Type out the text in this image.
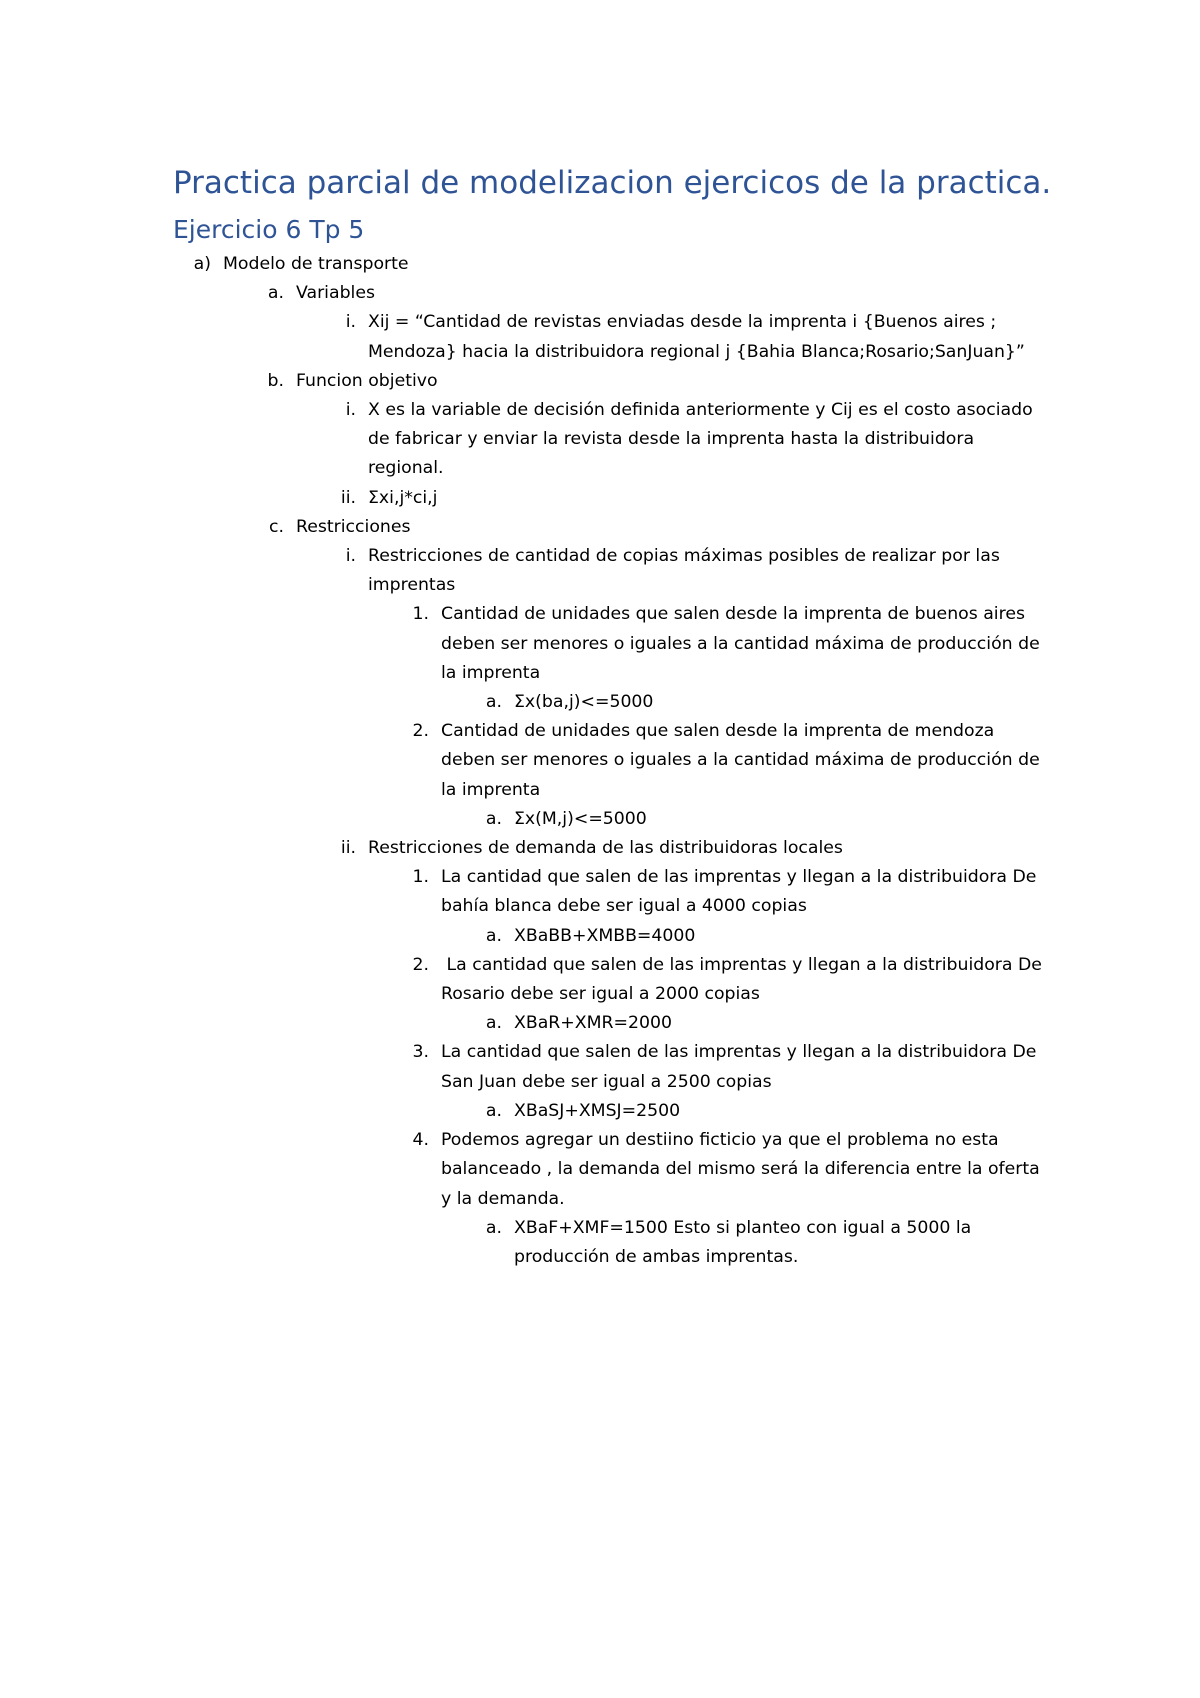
Practica parcial de modelizacion ejercicos de la practica.
Ejercicio 6 Tp 5
a) Modelo de transporte
a. Variables
i. Xij = “Cantidad de revistas enviadas desde la imprenta i {Buenos aires ; Mendoza} hacia la distribuidora regional j {Bahia Blanca;Rosario;SanJuan}”
b. Funcion objetivo
i. X es la variable de decisión definida anteriormente y Cij es el costo asociado de fabricar y enviar la revista desde la imprenta hasta la distribuidora regional.
ii. Σxi,j*ci,j
c. Restricciones
i. Restricciones de cantidad de copias máximas posibles de realizar por las imprentas
1. Cantidad de unidades que salen desde la imprenta de buenos aires deben ser menores o iguales a la cantidad máxima de producción de la imprenta
a. Σx(ba,j)<=5000
2. Cantidad de unidades que salen desde la imprenta de mendoza deben ser menores o iguales a la cantidad máxima de producción de la imprenta
a. Σx(M,j)<=5000
ii. Restricciones de demanda de las distribuidoras locales
1. La cantidad que salen de las imprentas y llegan a la distribuidora De bahía blanca debe ser igual a 4000 copias
a. XBaBB+XMBB=4000
2. La cantidad que salen de las imprentas y llegan a la distribuidora De Rosario debe ser igual a 2000 copias
a. XBaR+XMR=2000
3. La cantidad que salen de las imprentas y llegan a la distribuidora De San Juan debe ser igual a 2500 copias
a. XBaSJ+XMSJ=2500
4. Podemos agregar un destiino ficticio ya que el problema no esta balanceado , la demanda del mismo será la diferencia entre la oferta y la demanda.
a. XBaF+XMF=1500 Esto si planteo con igual a 5000 la producción de ambas imprentas.
